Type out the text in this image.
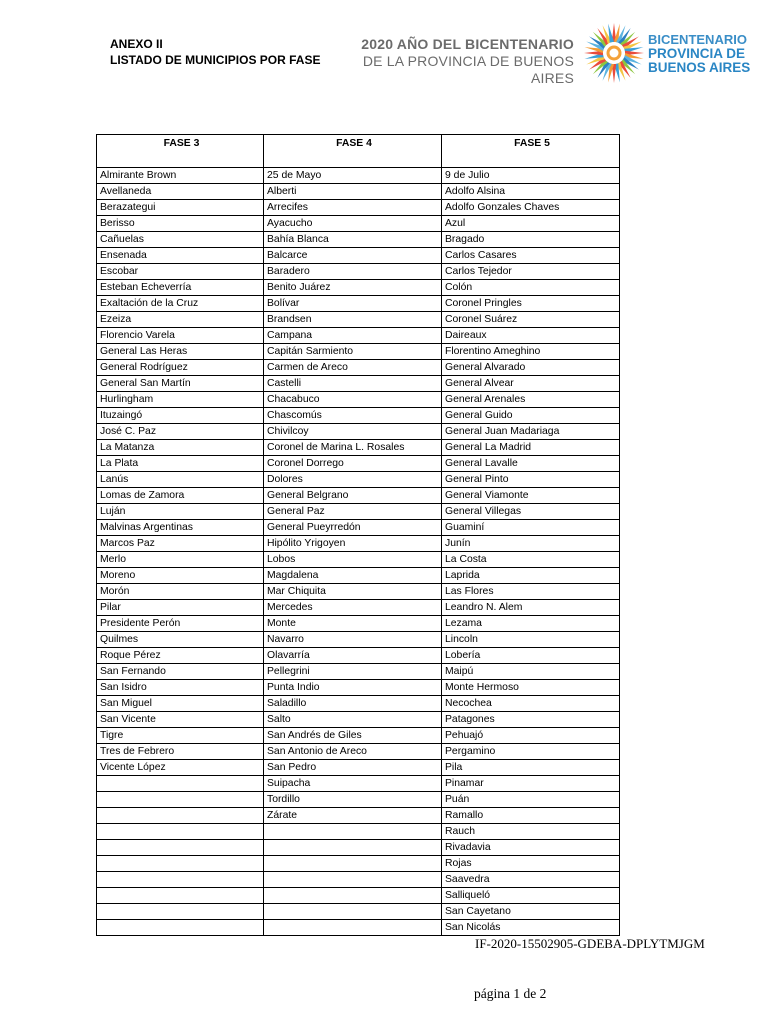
ANEXO II
LISTADO DE MUNICIPIOS POR FASE
2020 AÑO DEL BICENTENARIO
DE LA PROVINCIA DE BUENOS AIRES
BICENTENARIO
PROVINCIA DE
BUENOS AIRES
FASE 3	FASE 4	FASE 5
Almirante Brown	25 de Mayo	9 de Julio
Avellaneda	Alberti	Adolfo Alsina
Berazategui	Arrecifes	Adolfo Gonzales Chaves
Berisso	Ayacucho	Azul
Cañuelas	Bahía Blanca	Bragado
Ensenada	Balcarce	Carlos Casares
Escobar	Baradero	Carlos Tejedor
Esteban Echeverría	Benito Juárez	Colón
Exaltación de la Cruz	Bolívar	Coronel Pringles
Ezeiza	Brandsen	Coronel Suárez
Florencio Varela	Campana	Daireaux
General Las Heras	Capitán Sarmiento	Florentino Ameghino
General Rodríguez	Carmen de Areco	General Alvarado
General San Martín	Castelli	General Alvear
Hurlingham	Chacabuco	General Arenales
Ituzaingó	Chascomús	General Guido
José C. Paz	Chivilcoy	General Juan Madariaga
La Matanza	Coronel de Marina L. Rosales	General La Madrid
La Plata	Coronel Dorrego	General Lavalle
Lanús	Dolores	General Pinto
Lomas de Zamora	General Belgrano	General Viamonte
Luján	General Paz	General Villegas
Malvinas Argentinas	General Pueyrredón	Guaminí
Marcos Paz	Hipólito Yrigoyen	Junín
Merlo	Lobos	La Costa
Moreno	Magdalena	Laprida
Morón	Mar Chiquita	Las Flores
Pilar	Mercedes	Leandro N. Alem
Presidente Perón	Monte	Lezama
Quilmes	Navarro	Lincoln
Roque Pérez	Olavarría	Lobería
San Fernando	Pellegrini	Maipú
San Isidro	Punta Indio	Monte Hermoso
San Miguel	Saladillo	Necochea
San Vicente	Salto	Patagones
Tigre	San Andrés de Giles	Pehuajó
Tres de Febrero	San Antonio de Areco	Pergamino
Vicente López	San Pedro	Pila
	Suipacha	Pinamar
	Tordillo	Puán
	Zárate	Ramallo
		Rauch
		Rivadavia
		Rojas
		Saavedra
		Salliqueló
		San Cayetano
		San Nicolás
IF-2020-15502905-GDEBA-DPLYTMJGM
página 1 de 2
